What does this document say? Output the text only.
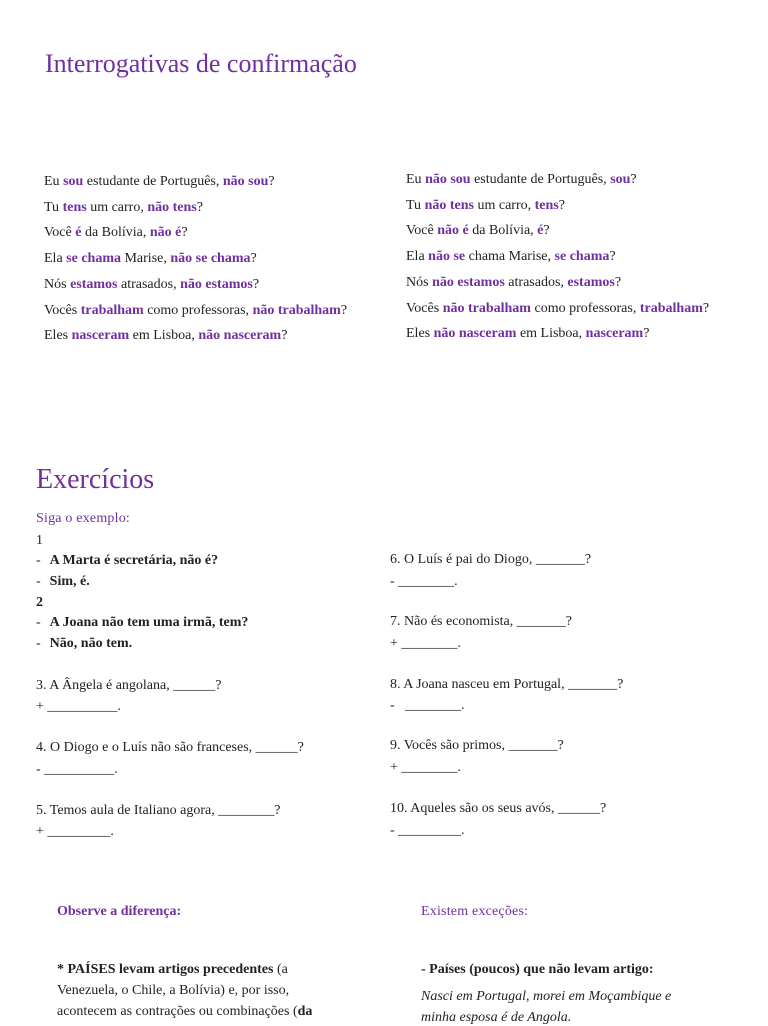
Interrogativas de confirmação
Eu sou estudante de Português, não sou?
Tu tens um carro, não tens?
Você é da Bolívia, não é?
Ela se chama Marise, não se chama?
Nós estamos atrasados, não estamos?
Vocês trabalham como professoras, não trabalham?
Eles nasceram em Lisboa, não nasceram?
Eu não sou estudante de Português, sou?
Tu não tens um carro, tens?
Você não é da Bolívia, é?
Ela não se chama Marise, se chama?
Nós não estamos atrasados, estamos?
Vocês não trabalham como professoras, trabalham?
Eles não nasceram em Lisboa, nasceram?
Exercícios
Siga o exemplo:
1
- A Marta é secretária, não é?
- Sim, é.
2
- A Joana não tem uma irmã, tem?
- Não, não tem.
3. A Ângela é angolana, ______?
+ __________.
4. O Diogo e o Luís não são franceses, ______?
- __________.
5. Temos aula de Italiano agora, ________?
+ _________.
6. O Luís é pai do Diogo, _______?
- ________.
7. Não és economista, _______?
+ ________.
8. A Joana nasceu em Portugal, _______?
-   ________.
9. Vocês são primos, _______?
+ ________.
10. Aqueles são os seus avós, ______?
- _________.
Observe a diferença:
* PAÍSES levam artigos precedentes (a
Venezuela, o Chile, a Bolívia) e, por isso,
acontecem as contrações ou combinações (da
Existem exceções:
- Países (poucos) que não levam artigo:
Nasci em Portugal, morei em Moçambique e
minha esposa é de Angola.
